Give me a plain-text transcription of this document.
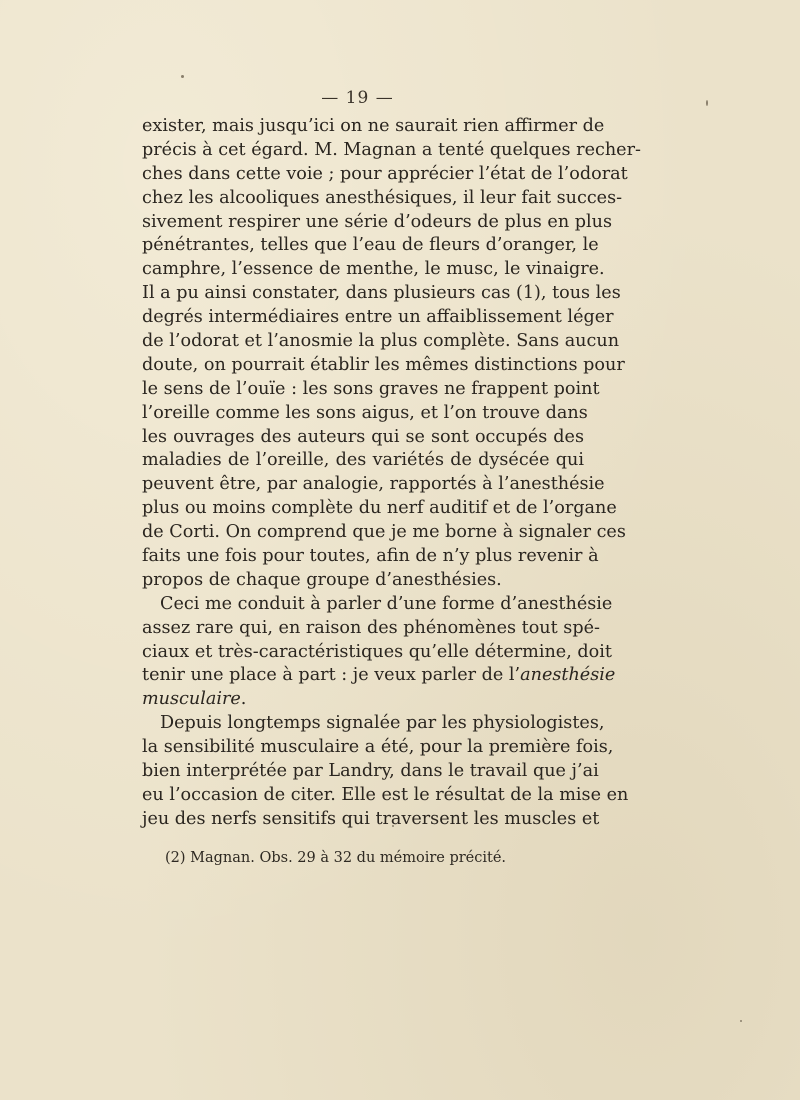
— 19 —
exister, mais jusqu’ici on ne saurait rien affirmer de
précis à cet égard. M. Magnan a tenté quelques recher-
ches dans cette voie ; pour apprécier l’état de l’odorat
chez les alcooliques anesthésiques, il leur fait succes-
sivement respirer une série d’odeurs de plus en plus
pénétrantes, telles que l’eau de fleurs d’oranger, le
camphre, l’essence de menthe, le musc, le vinaigre.
Il a pu ainsi constater, dans plusieurs cas (1), tous les
degrés intermédiaires entre un affaiblissement léger
de l’odorat et l’anosmie la plus complète. Sans aucun
doute, on pourrait établir les mêmes distinctions pour
le sens de l’ouïe : les sons graves ne frappent point
l’oreille comme les sons aigus, et l’on trouve dans
les ouvrages des auteurs qui se sont occupés des
maladies de l’oreille, des variétés de dysécée qui
peuvent être, par analogie, rapportés à l’anesthésie
plus ou moins complète du nerf auditif et de l’organe
de Corti. On comprend que je me borne à signaler ces
faits une fois pour toutes, afin de n’y plus revenir à
propos de chaque groupe d’anesthésies.
Ceci me conduit à parler d’une forme d’anesthésie
assez rare qui, en raison des phénomènes tout spé-
ciaux et très-caractéristiques qu’elle détermine, doit
tenir une place à part : je veux parler de l’anesthésie
musculaire.
Depuis longtemps signalée par les physiologistes,
la sensibilité musculaire a été, pour la première fois,
bien interprétée par Landry, dans le travail que j’ai
eu l’occasion de citer. Elle est le résultat de la mise en
jeu des nerfs sensitifs qui traversent les muscles et
(2) Magnan. Obs. 29 à 32 du mémoire précité.
